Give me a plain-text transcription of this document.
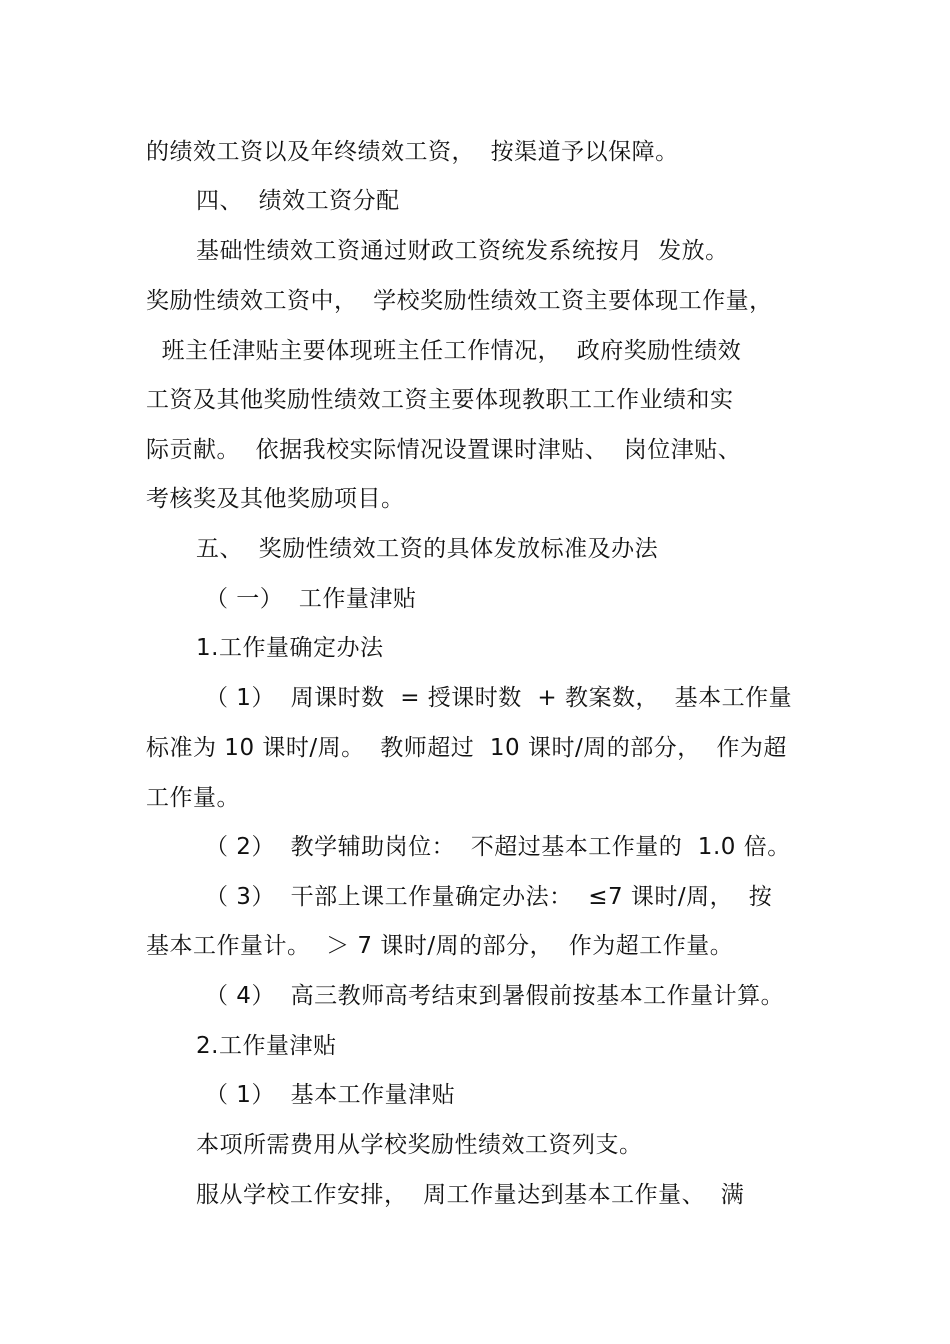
的绩效工资以及年终绩效工资，  按渠道予以保障。
四、  绩效工资分配
基础性绩效工资通过财政工资统发系统按月  发放。
奖励性绩效工资中，  学校奖励性绩效工资主要体现工作量，
班主任津贴主要体现班主任工作情况，  政府奖励性绩效
工资及其他奖励性绩效工资主要体现教职工工作业绩和实
际贡献。  依据我校实际情况设置课时津贴、  岗位津贴、
考核奖及其他奖励项目。
五、  奖励性绩效工资的具体发放标准及办法
（ 一）  工作量津贴
1.工作量确定办法
（ 1）  周课时数  = 授课时数  + 教案数，  基本工作量
标准为 10 课时/周。  教师超过  10 课时/周的部分，  作为超
工作量。
（ 2）  教学辅助岗位：  不超过基本工作量的  1.0 倍。
（ 3）  干部上课工作量确定办法：  ≤7 课时/周，  按
基本工作量计。  ＞ 7 课时/周的部分，  作为超工作量。
（ 4）  高三教师高考结束到暑假前按基本工作量计算。
2.工作量津贴
（ 1）  基本工作量津贴
本项所需费用从学校奖励性绩效工资列支。
服从学校工作安排，  周工作量达到基本工作量、  满
